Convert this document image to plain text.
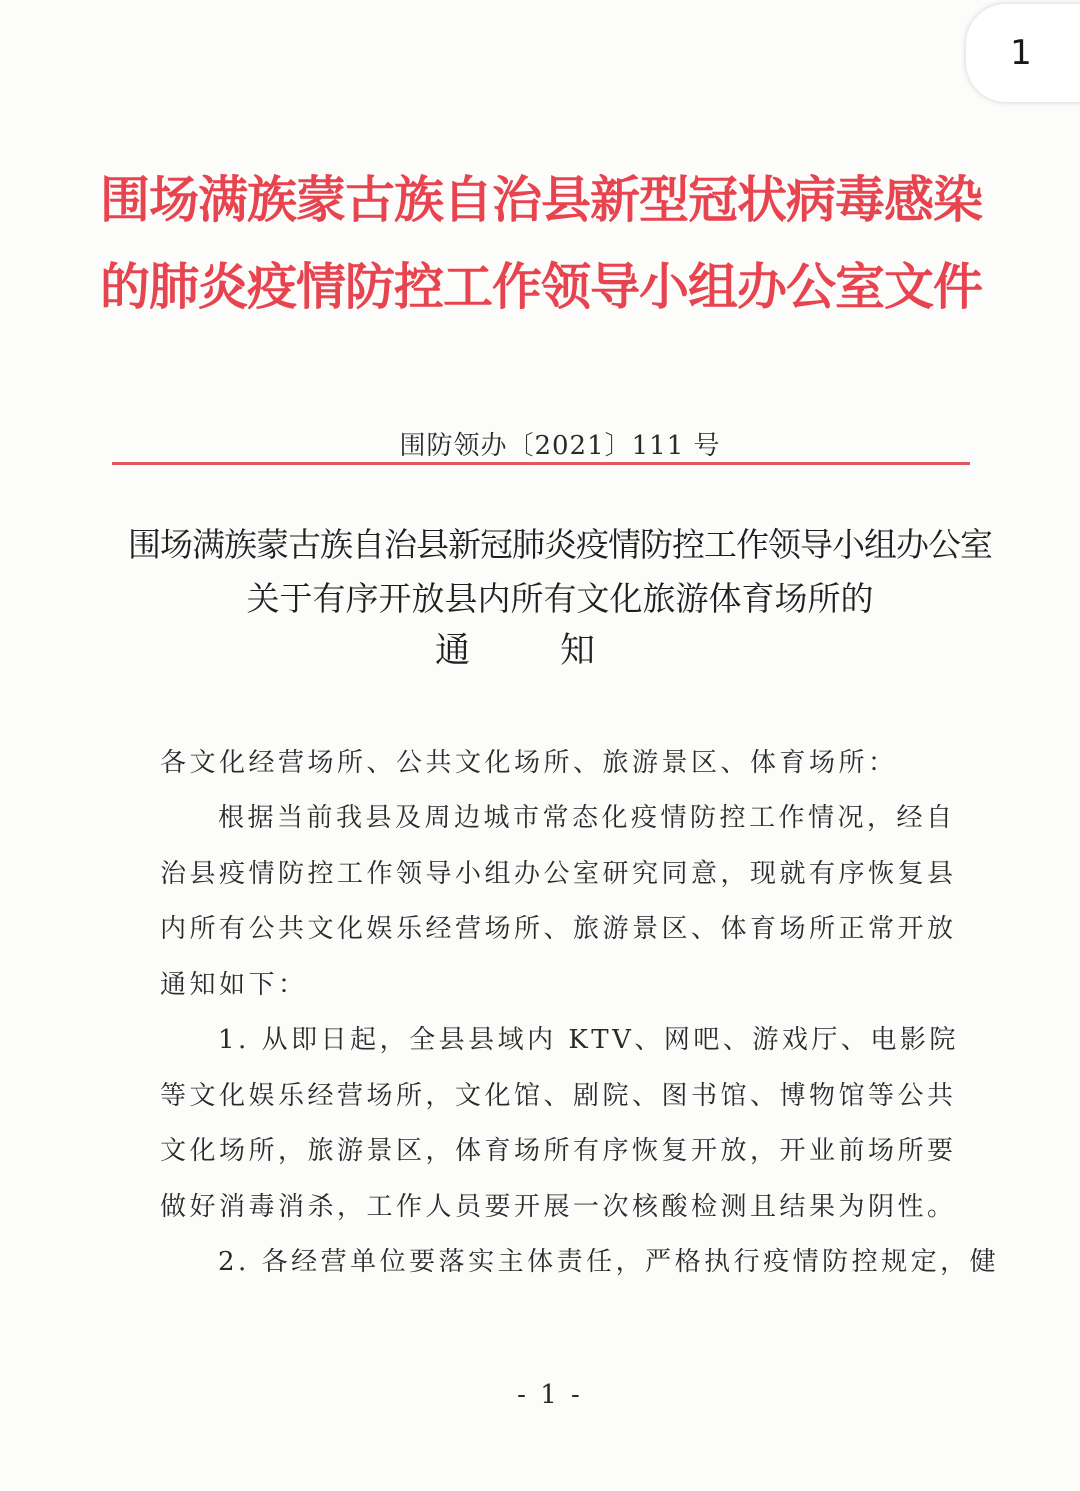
1
围场满族蒙古族自治县新型冠状病毒感染
的肺炎疫情防控工作领导小组办公室文件
围防领办〔2021〕111 号
围场满族蒙古族自治县新冠肺炎疫情防控工作领导小组办公室
关于有序开放县内所有文化旅游体育场所的
通知

各文化经营场所、公共文化场所、旅游景区、体育场所：

根据当前我县及周边城市常态化疫情防控工作情况，经自治县疫情防控工作领导小组办公室研究同意，现就有序恢复县内所有公共文化娱乐经营场所、旅游景区、体育场所正常开放通知如下：

1. 从即日起，全县县域内 KTV、网吧、游戏厅、电影院等文化娱乐经营场所，文化馆、剧院、图书馆、博物馆等公共文化场所，旅游景区，体育场所有序恢复开放，开业前场所要做好消毒消杀，工作人员要开展一次核酸检测且结果为阴性。

2. 各经营单位要落实主体责任，严格执行疫情防控规定，健

- 1 -
